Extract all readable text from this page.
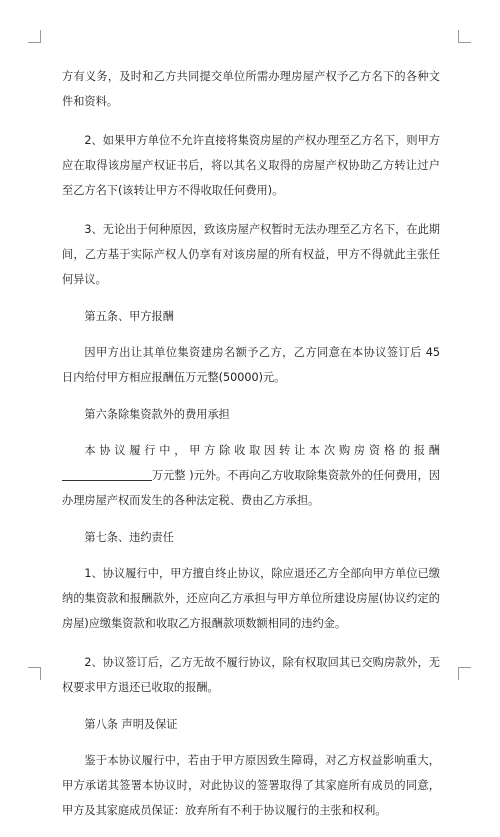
方有义务，及时和乙方共同提交单位所需办理房屋产权予乙方名下的各种文件和资料。

2、如果甲方单位不允许直接将集资房屋的产权办理至乙方名下，则甲方应在取得该房屋产权证书后，将以其名义取得的房屋产权协助乙方转让过户至乙方名下(该转让甲方不得收取任何费用)。

3、无论出于何种原因，致该房屋产权暂时无法办理至乙方名下，在此期间，乙方基于实际产权人仍享有对该房屋的所有权益，甲方不得就此主张任何异议。

第五条、甲方报酬

因甲方出让其单位集资建房名额予乙方，乙方同意在本协议签订后 45 日内给付甲方相应报酬伍万元整(50000)元。

第六条除集资款外的费用承担

本协议履行中，甲方除收取因转让本次购房资格的报酬 万元整 )元外。不再向乙方收取除集资款外的任何费用，因办理房屋产权而发生的各种法定税、费由乙方承担。

第七条、违约责任

1、协议履行中，甲方擅自终止协议，除应退还乙方全部向甲方单位已缴纳的集资款和报酬款外，还应向乙方承担与甲方单位所建设房屋(协议约定的房屋)应缴集资款和收取乙方报酬款项数额相同的违约金。

2、协议签订后，乙方无故不履行协议，除有权取回其已交购房款外，无权要求甲方退还已收取的报酬。

第八条 声明及保证

鉴于本协议履行中，若由于甲方原因致生障碍，对乙方权益影响重大，甲方承诺其签署本协议时，对此协议的签署取得了其家庭所有成员的同意，甲方及其家庭成员保证：放弃所有不利于协议履行的主张和权利。
